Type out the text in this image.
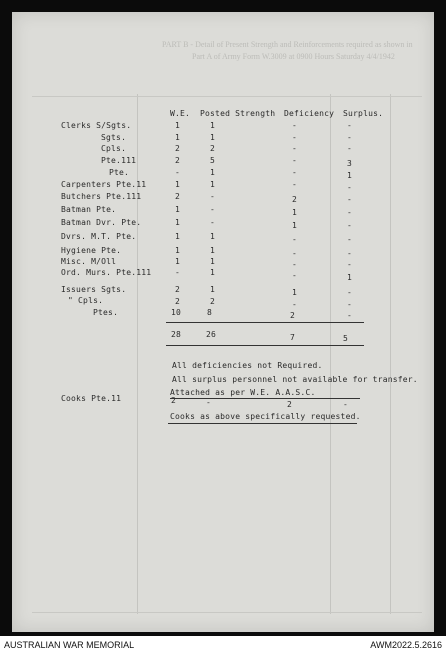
PART B - Detail of Present Strength and Reinforcements required as shown in
Part A of Army Form W.3009 at 0900 Hours Saturday 4/4/1942
W.E. Posted Strength Deficiency Surplus.
Clerks S/Sgts.	1	1	-	-
Sgts.	1	1	-	-
Cpls.	2	2	-	-
Pte.111	2	5	-	3
Pte.	-	1	-	1
Carpenters Pte.11	1	1	-	-
Butchers Pte.111	2	-	2	-
Batman Pte.	1	-	1	-
Batman Dvr. Pte.	1	-	1	-
Dvrs. M.T. Pte.	1	1	-	-
Hygiene Pte.	1	1	-	-
Misc. M/Oll	1	1	-	-
Ord. Murs. Pte.111	-	1	-	1
Issuers Sgts.	2	1	1	-
" Cpls.	2	2	-	-
Ptes.	10	8	2	-
28	26	7	5
All deficiencies not Required.
All surplus personnel not available for transfer.
Attached as per W.E. A.A.S.C.
Cooks Pte.11	2	-	2	-
Cooks as above specifically requested.
AUSTRALIAN WAR MEMORIAL	AWM2022.5.2616
